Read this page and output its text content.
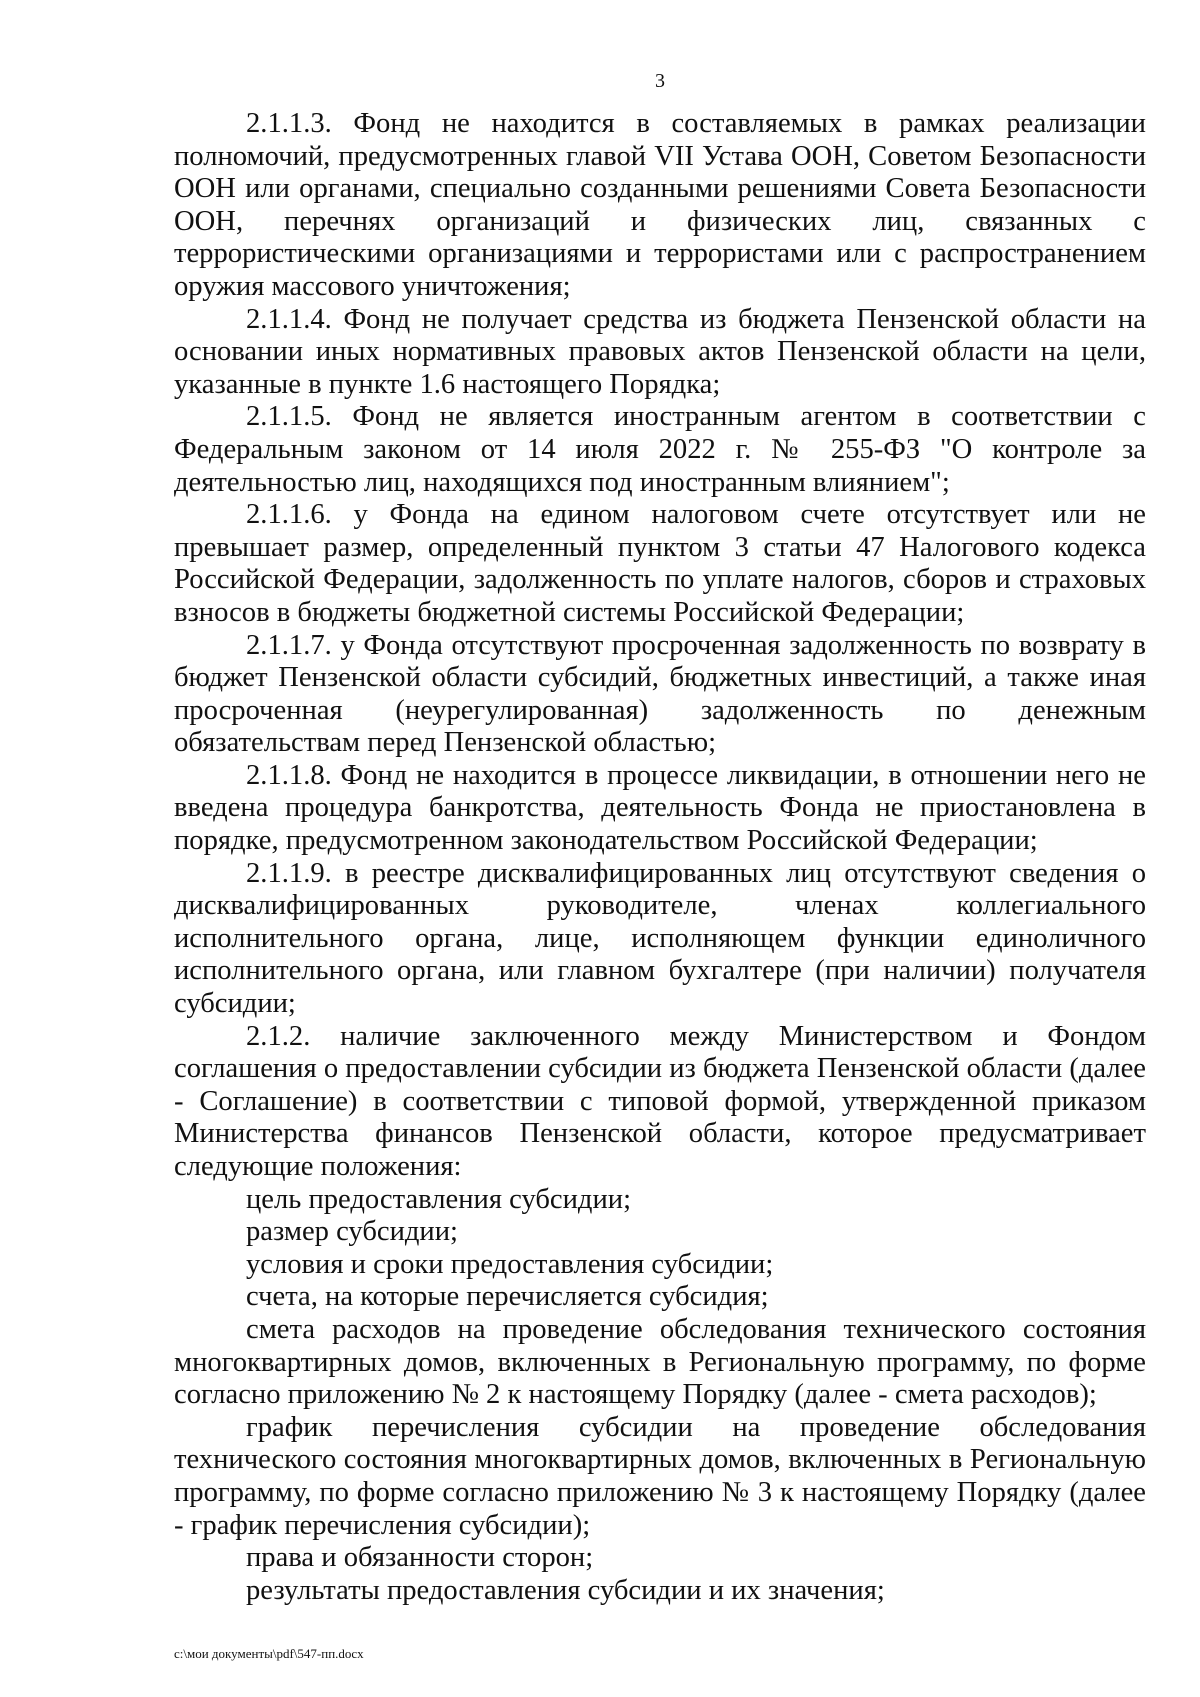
3

2.1.1.3. Фонд не находится в составляемых в рамках реализации полномочий, предусмотренных главой VII Устава ООН, Советом Безопасности ООН или органами, специально созданными решениями Совета Безопасности ООН, перечнях организаций и физических лиц, связанных с террористическими организациями и террористами или с распространением оружия массового уничтожения;

2.1.1.4. Фонд не получает средства из бюджета Пензенской области на основании иных нормативных правовых актов Пензенской области на цели, указанные в пункте 1.6 настоящего Порядка;

2.1.1.5. Фонд не является иностранным агентом в соответствии с Федеральным законом от 14 июля 2022 г. № 255-ФЗ "О контроле за деятельностью лиц, находящихся под иностранным влиянием";

2.1.1.6. у Фонда на едином налоговом счете отсутствует или не превышает размер, определенный пунктом 3 статьи 47 Налогового кодекса Российской Федерации, задолженность по уплате налогов, сборов и страховых взносов в бюджеты бюджетной системы Российской Федерации;

2.1.1.7. у Фонда отсутствуют просроченная задолженность по возврату в бюджет Пензенской области субсидий, бюджетных инвестиций, а также иная просроченная (неурегулированная) задолженность по денежным обязательствам перед Пензенской областью;

2.1.1.8. Фонд не находится в процессе ликвидации, в отношении него не введена процедура банкротства, деятельность Фонда не приостановлена в порядке, предусмотренном законодательством Российской Федерации;

2.1.1.9. в реестре дисквалифицированных лиц отсутствуют сведения о дисквалифицированных руководителе, членах коллегиального исполнительного органа, лице, исполняющем функции единоличного исполнительного органа, или главном бухгалтере (при наличии) получателя субсидии;

2.1.2. наличие заключенного между Министерством и Фондом соглашения о предоставлении субсидии из бюджета Пензенской области (далее - Соглашение) в соответствии с типовой формой, утвержденной приказом Министерства финансов Пензенской области, которое предусматривает следующие положения:

цель предоставления субсидии;

размер субсидии;

условия и сроки предоставления субсидии;

счета, на которые перечисляется субсидия;

смета расходов на проведение обследования технического состояния многоквартирных домов, включенных в Региональную программу, по форме согласно приложению № 2 к настоящему Порядку (далее - смета расходов);

график перечисления субсидии на проведение обследования технического состояния многоквартирных домов, включенных в Региональную программу, по форме согласно приложению № 3 к настоящему Порядку (далее - график перечисления субсидии);

права и обязанности сторон;

результаты предоставления субсидии и их значения;

c:\мои документы\pdf\547-пп.docx
